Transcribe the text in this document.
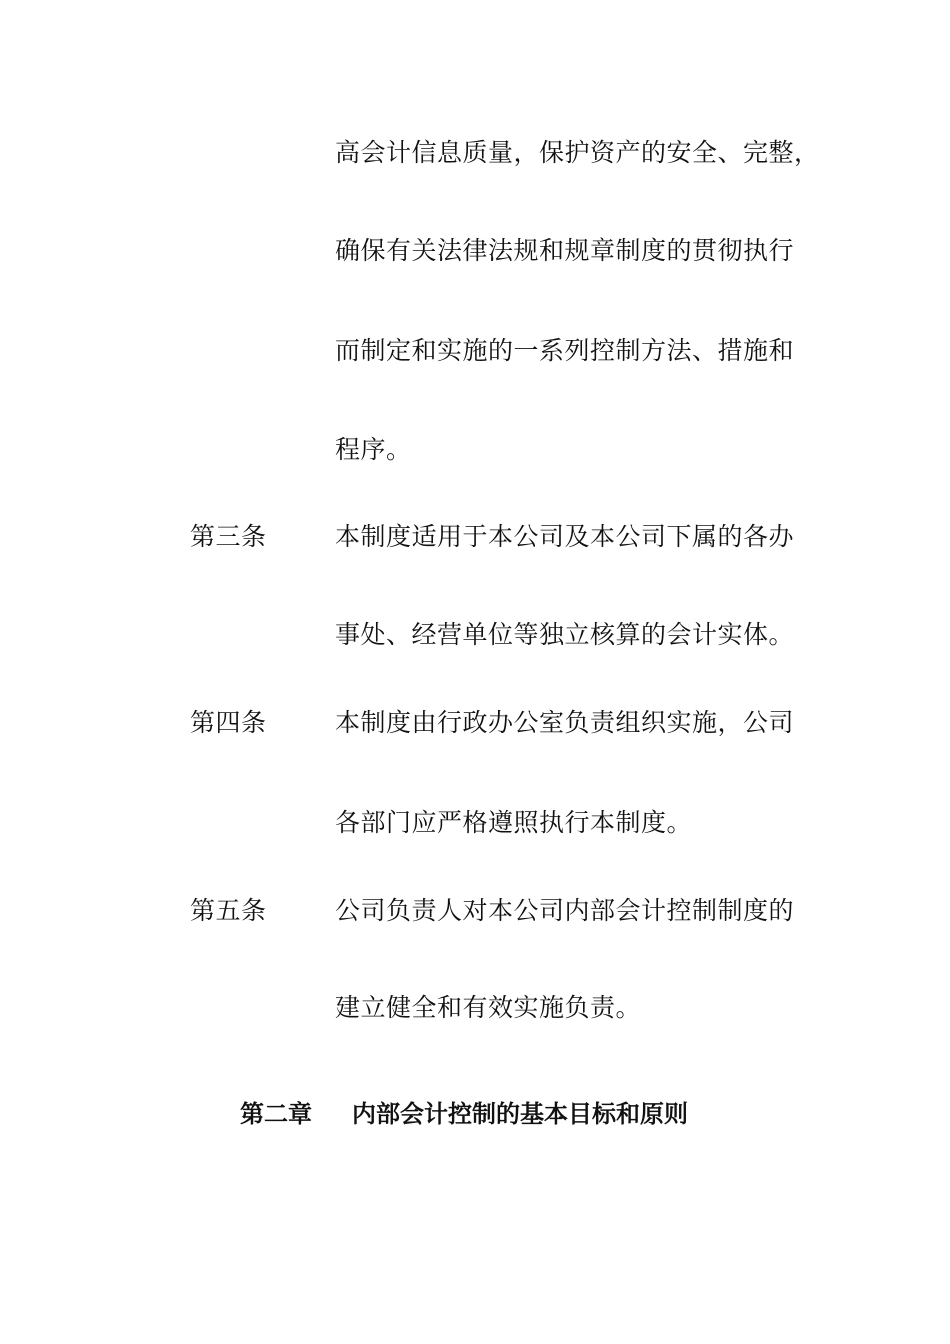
高会计信息质量，保护资产的安全、完整，
确保有关法律法规和规章制度的贯彻执行
而制定和实施的一系列控制方法、措施和
程序。
第三条	本制度适用于本公司及本公司下属的各办
事处、经营单位等独立核算的会计实体。
第四条	本制度由行政办公室负责组织实施，公司
各部门应严格遵照执行本制度。
第五条	公司负责人对本公司内部会计控制制度的
建立健全和有效实施负责。
第二章 内部会计控制的基本目标和原则
